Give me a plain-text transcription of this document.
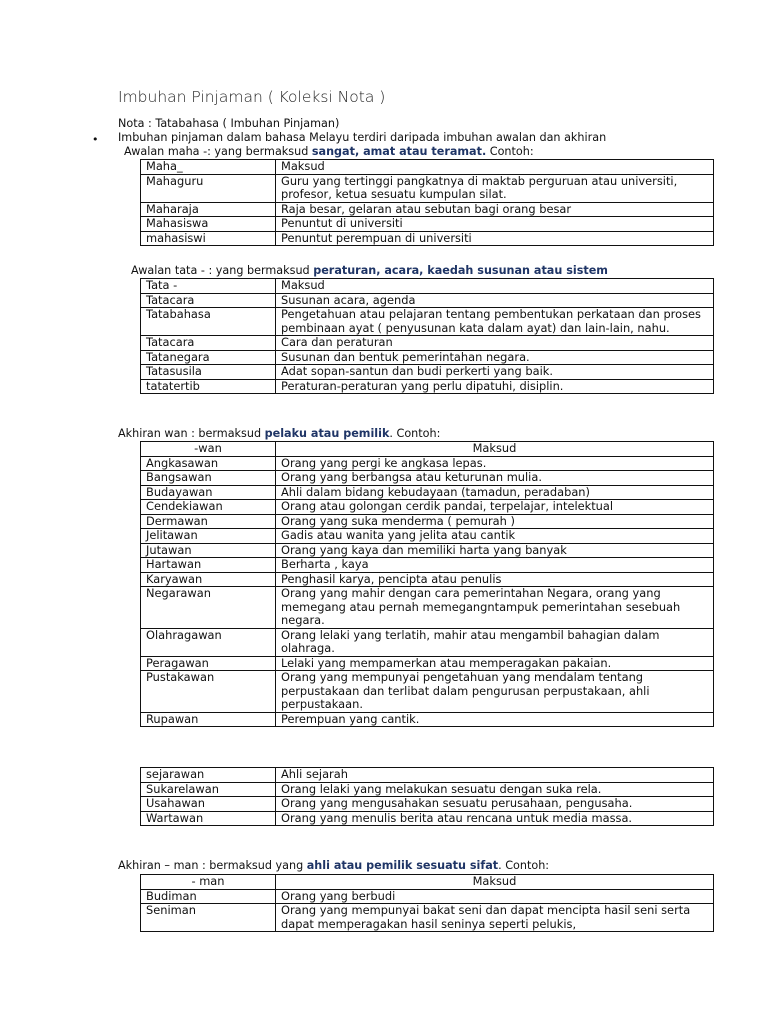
Imbuhan Pinjaman ( Koleksi Nota )
Nota : Tatabahasa ( Imbuhan Pinjaman)
• Imbuhan pinjaman dalam bahasa Melayu terdiri daripada imbuhan awalan dan akhiran
Awalan maha -: yang bermaksud sangat, amat atau teramat. Contoh:
Maha_	Maksud
Mahaguru	Guru yang tertinggi pangkatnya di maktab perguruan atau universiti, profesor, ketua sesuatu kumpulan silat.
Maharaja	Raja besar, gelaran atau sebutan bagi orang besar
Mahasiswa	Penuntut di universiti
mahasiswi	Penuntut perempuan di universiti
Awalan tata - : yang bermaksud peraturan, acara, kaedah susunan atau sistem
Tata -	Maksud
Tatacara	Susunan acara, agenda
Tatabahasa	Pengetahuan atau pelajaran tentang pembentukan perkataan dan proses pembinaan ayat ( penyusunan kata dalam ayat) dan lain-lain, nahu.
Tatacara	Cara dan peraturan
Tatanegara	Susunan dan bentuk pemerintahan negara.
Tatasusila	Adat sopan-santun dan budi perkerti yang baik.
tatatertib	Peraturan-peraturan yang perlu dipatuhi, disiplin.
Akhiran wan : bermaksud pelaku atau pemilik. Contoh:
-wan	Maksud
Angkasawan	Orang yang pergi ke angkasa lepas.
Bangsawan	Orang yang berbangsa atau keturunan mulia.
Budayawan	Ahli dalam bidang kebudayaan (tamadun, peradaban)
Cendekiawan	Orang atau golongan cerdik pandai, terpelajar, intelektual
Dermawan	Orang yang suka menderma ( pemurah )
Jelitawan	Gadis atau wanita yang jelita atau cantik
Jutawan	Orang yang kaya dan memiliki harta yang banyak
Hartawan	Berharta , kaya
Karyawan	Penghasil karya, pencipta atau penulis
Negarawan	Orang yang mahir dengan cara pemerintahan Negara, orang yang memegang atau pernah memegangntampuk pemerintahan sesebuah negara.
Olahragawan	Orang lelaki yang terlatih, mahir atau mengambil bahagian dalam olahraga.
Peragawan	Lelaki yang mempamerkan atau memperagakan pakaian.
Pustakawan	Orang yang mempunyai pengetahuan yang mendalam tentang perpustakaan dan terlibat dalam pengurusan perpustakaan, ahli perpustakaan.
Rupawan	Perempuan yang cantik.
sejarawan	Ahli sejarah
Sukarelawan	Orang lelaki yang melakukan sesuatu dengan suka rela.
Usahawan	Orang yang mengusahakan sesuatu perusahaan, pengusaha.
Wartawan	Orang yang menulis berita atau rencana untuk media massa.
Akhiran – man : bermaksud yang ahli atau pemilik sesuatu sifat. Contoh:
- man	Maksud
Budiman	Orang yang berbudi
Seniman	Orang yang mempunyai bakat seni dan dapat mencipta hasil seni serta dapat memperagakan hasil seninya seperti pelukis,
